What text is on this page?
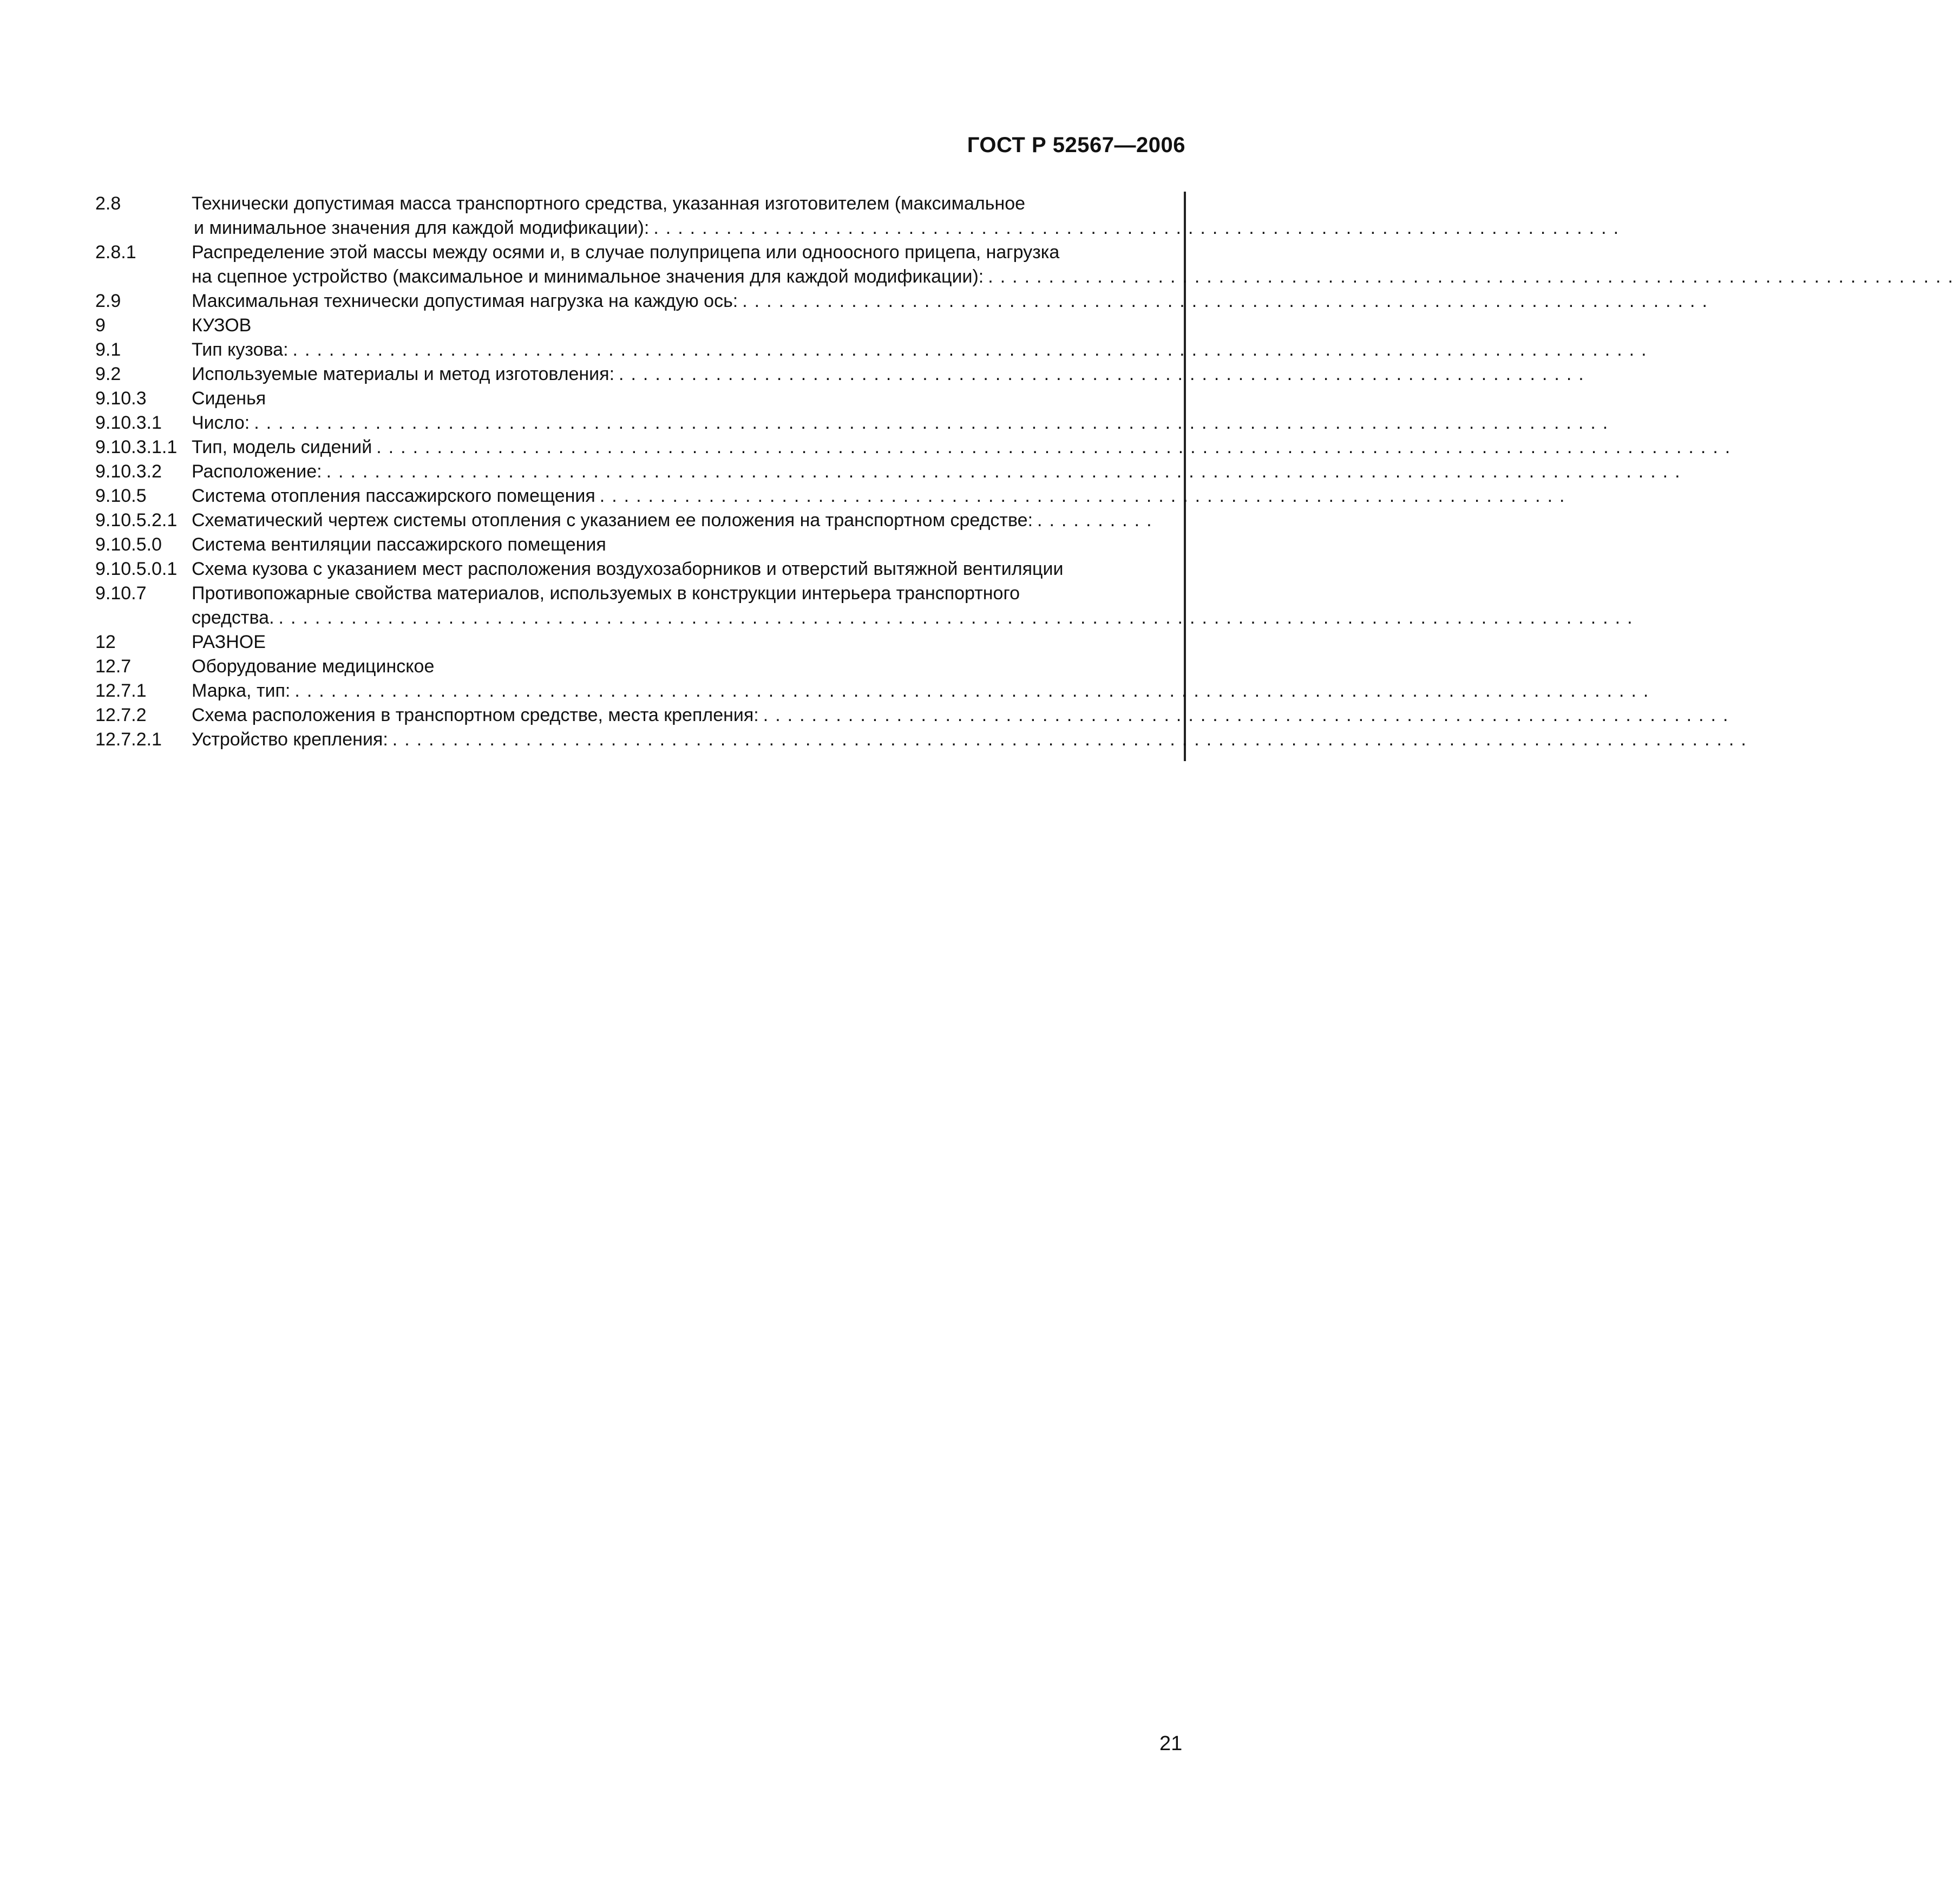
ГОСТ Р 52567—2006
2.8	Технически допустимая масса транспортного средства, указанная изготовителем (максимальное
и минимальное значения для каждой модификации): ................................................................................
2.8.1	Распределение этой массы между осями и, в случае полуприцепа или одноосного прицепа, нагрузка
на сцепное устройство (максимальное и минимальное значения для каждой модификации): ................................................................................
2.9	Максимальная технически допустимая нагрузка на каждую ось: ................................................................................
9	КУЗОВ
9.1	Тип кузова: ................................................................................................................
9.2	Используемые материалы и метод изготовления: ................................................................................
9.10.3	Сиденья
9.10.3.1	Число: ................................................................................................................
9.10.3.1.1 Тип, модель сидений ................................................................................................................
9.10.3.2	Расположение: ................................................................................................................
9.10.5	Система отопления пассажирского помещения ................................................................................
9.10.5.2.1 Схематический чертеж системы отопления с указанием ее положения на транспортном средстве: ..........
9.10.5.0	Система вентиляции пассажирского помещения
9.10.5.0.1 Схема кузова с указанием мест расположения воздухозаборников и отверстий вытяжной вентиляции
9.10.7	Противопожарные свойства материалов, используемых в конструкции интерьера транспортного
средства. ................................................................................................................
12	РАЗНОЕ
12.7	Оборудование медицинское
12.7.1	Марка, тип: ................................................................................................................
12.7.2	Схема расположения в транспортном средстве, места крепления: ................................................................................
12.7.2.1	Устройство крепления: ................................................................................................................
21
